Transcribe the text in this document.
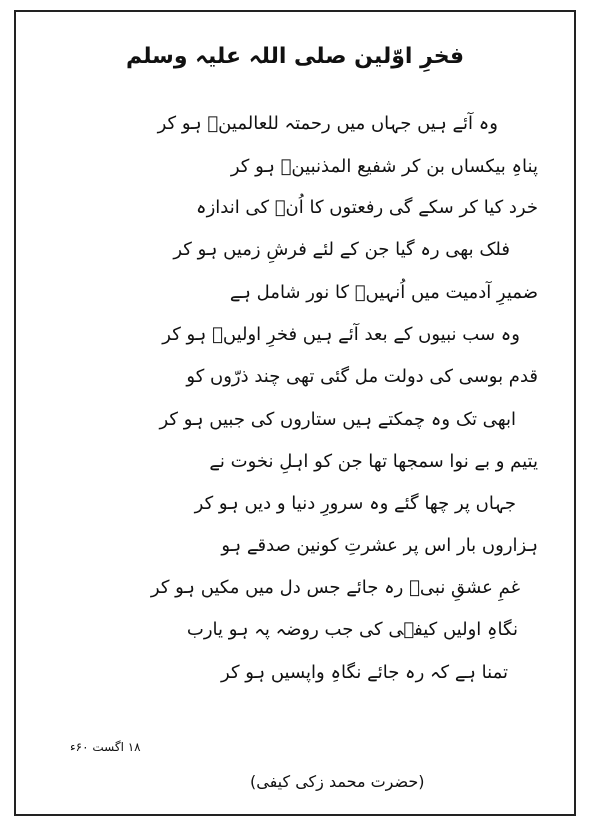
فخرِ اوّلین صلی اللہ علیہ وسلم
وہ آئے ہیں جہاں میں رحمتہ للعالمینؐ ہو کر
پناہِ بیکساں بن کر شفیع المذنبینؐ ہو کر
خرد کیا کر سکے گی رفعتوں کا اُنؐ کی اندازہ
فلک بھی رہ گیا جن کے لئے فرشِ زمیں ہو کر
ضمیرِ آدمیت میں اُنہیںؐ کا نور شامل ہے
وہ سب نبیوں کے بعد آئے ہیں فخرِ اولیںؐ ہو کر
قدم بوسی کی دولت مل گئی تھی چند ذرّوں کو
ابھی تک وہ چمکتے ہیں ستاروں کی جبیں ہو کر
یتیم و بے نوا سمجھا تھا جن کو اہلِ نخوت نے
جہاں پر چھا گئے وہ سرورِ دنیا و دیں ہو کر
ہزاروں بار اس پر عشرتِ کونین صدقے ہو
غمِ عشقِ نبیؐ رہ جائے جس دل میں مکیں ہو کر
نگاہِ اولیں کیفؔی کی جب روضہ پہ ہو یارب
تمنا ہے کہ رہ جائے نگاہِ واپسیں ہو کر
۱۸ اگست ۶۰ء
(حضرت محمد زکی کیفی)
